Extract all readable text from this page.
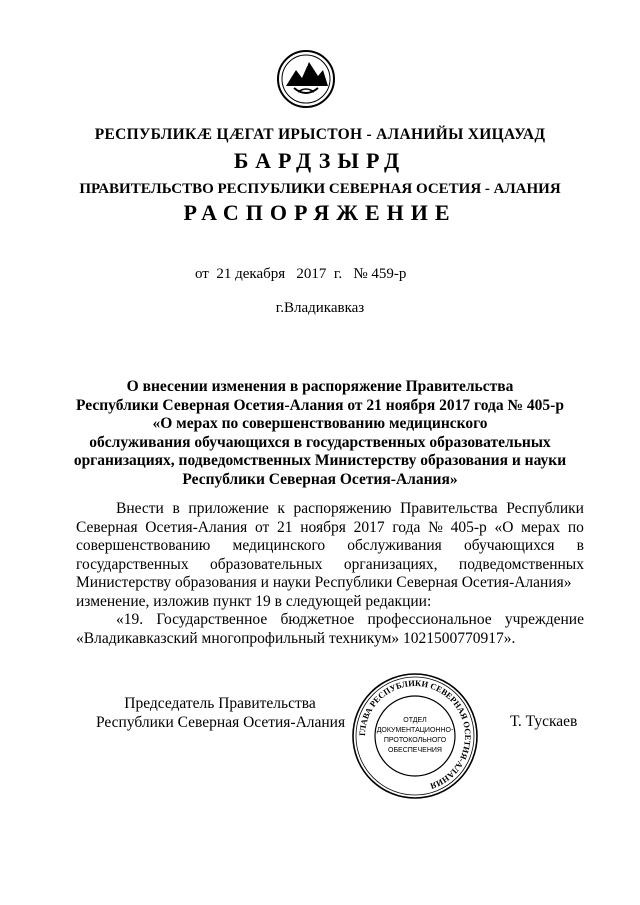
РЕСПУБЛИКӔ ЦӔГАТ ИРЫСТОН - АЛАНИЙЫ ХИЦАУАД
БАРДЗЫРД
ПРАВИТЕЛЬСТВО РЕСПУБЛИКИ СЕВЕРНАЯ ОСЕТИЯ - АЛАНИЯ
РАСПОРЯЖЕНИЕ
от  21 декабря   2017  г.   № 459-р
г.Владикавказ
О внесении изменения в распоряжение Правительства
Республики Северная Осетия-Алания от 21 ноября 2017 года № 405-р
«О мерах по совершенствованию медицинского
обслуживания обучающихся в государственных образовательных
организациях, подведомственных Министерству образования и науки
Республики Северная Осетия-Алания»
Внести в приложение к распоряжению Правительства Республики
Северная Осетия-Алания от 21 ноября 2017 года № 405-р «О мерах по
совершенствованию медицинского обслуживания обучающихся в
государственных образовательных организациях, подведомственных
Министерству образования и науки Республики Северная Осетия-Алания»
изменение, изложив пункт 19 в следующей редакции:
«19. Государственное бюджетное профессиональное учреждение
«Владикавказский многопрофильный техникум» 1021500770917».
Председатель Правительства
Республики Северная Осетия-Алания
ГЛАВА РЕСПУБЛИКИ СЕВЕРНАЯ ОСЕТИЯ-АЛАНИЯ
ОТДЕЛ
ДОКУМЕНТАЦИОННО-
ПРОТОКОЛЬНОГО
ОБЕСПЕЧЕНИЯ
Т. Тускаев
